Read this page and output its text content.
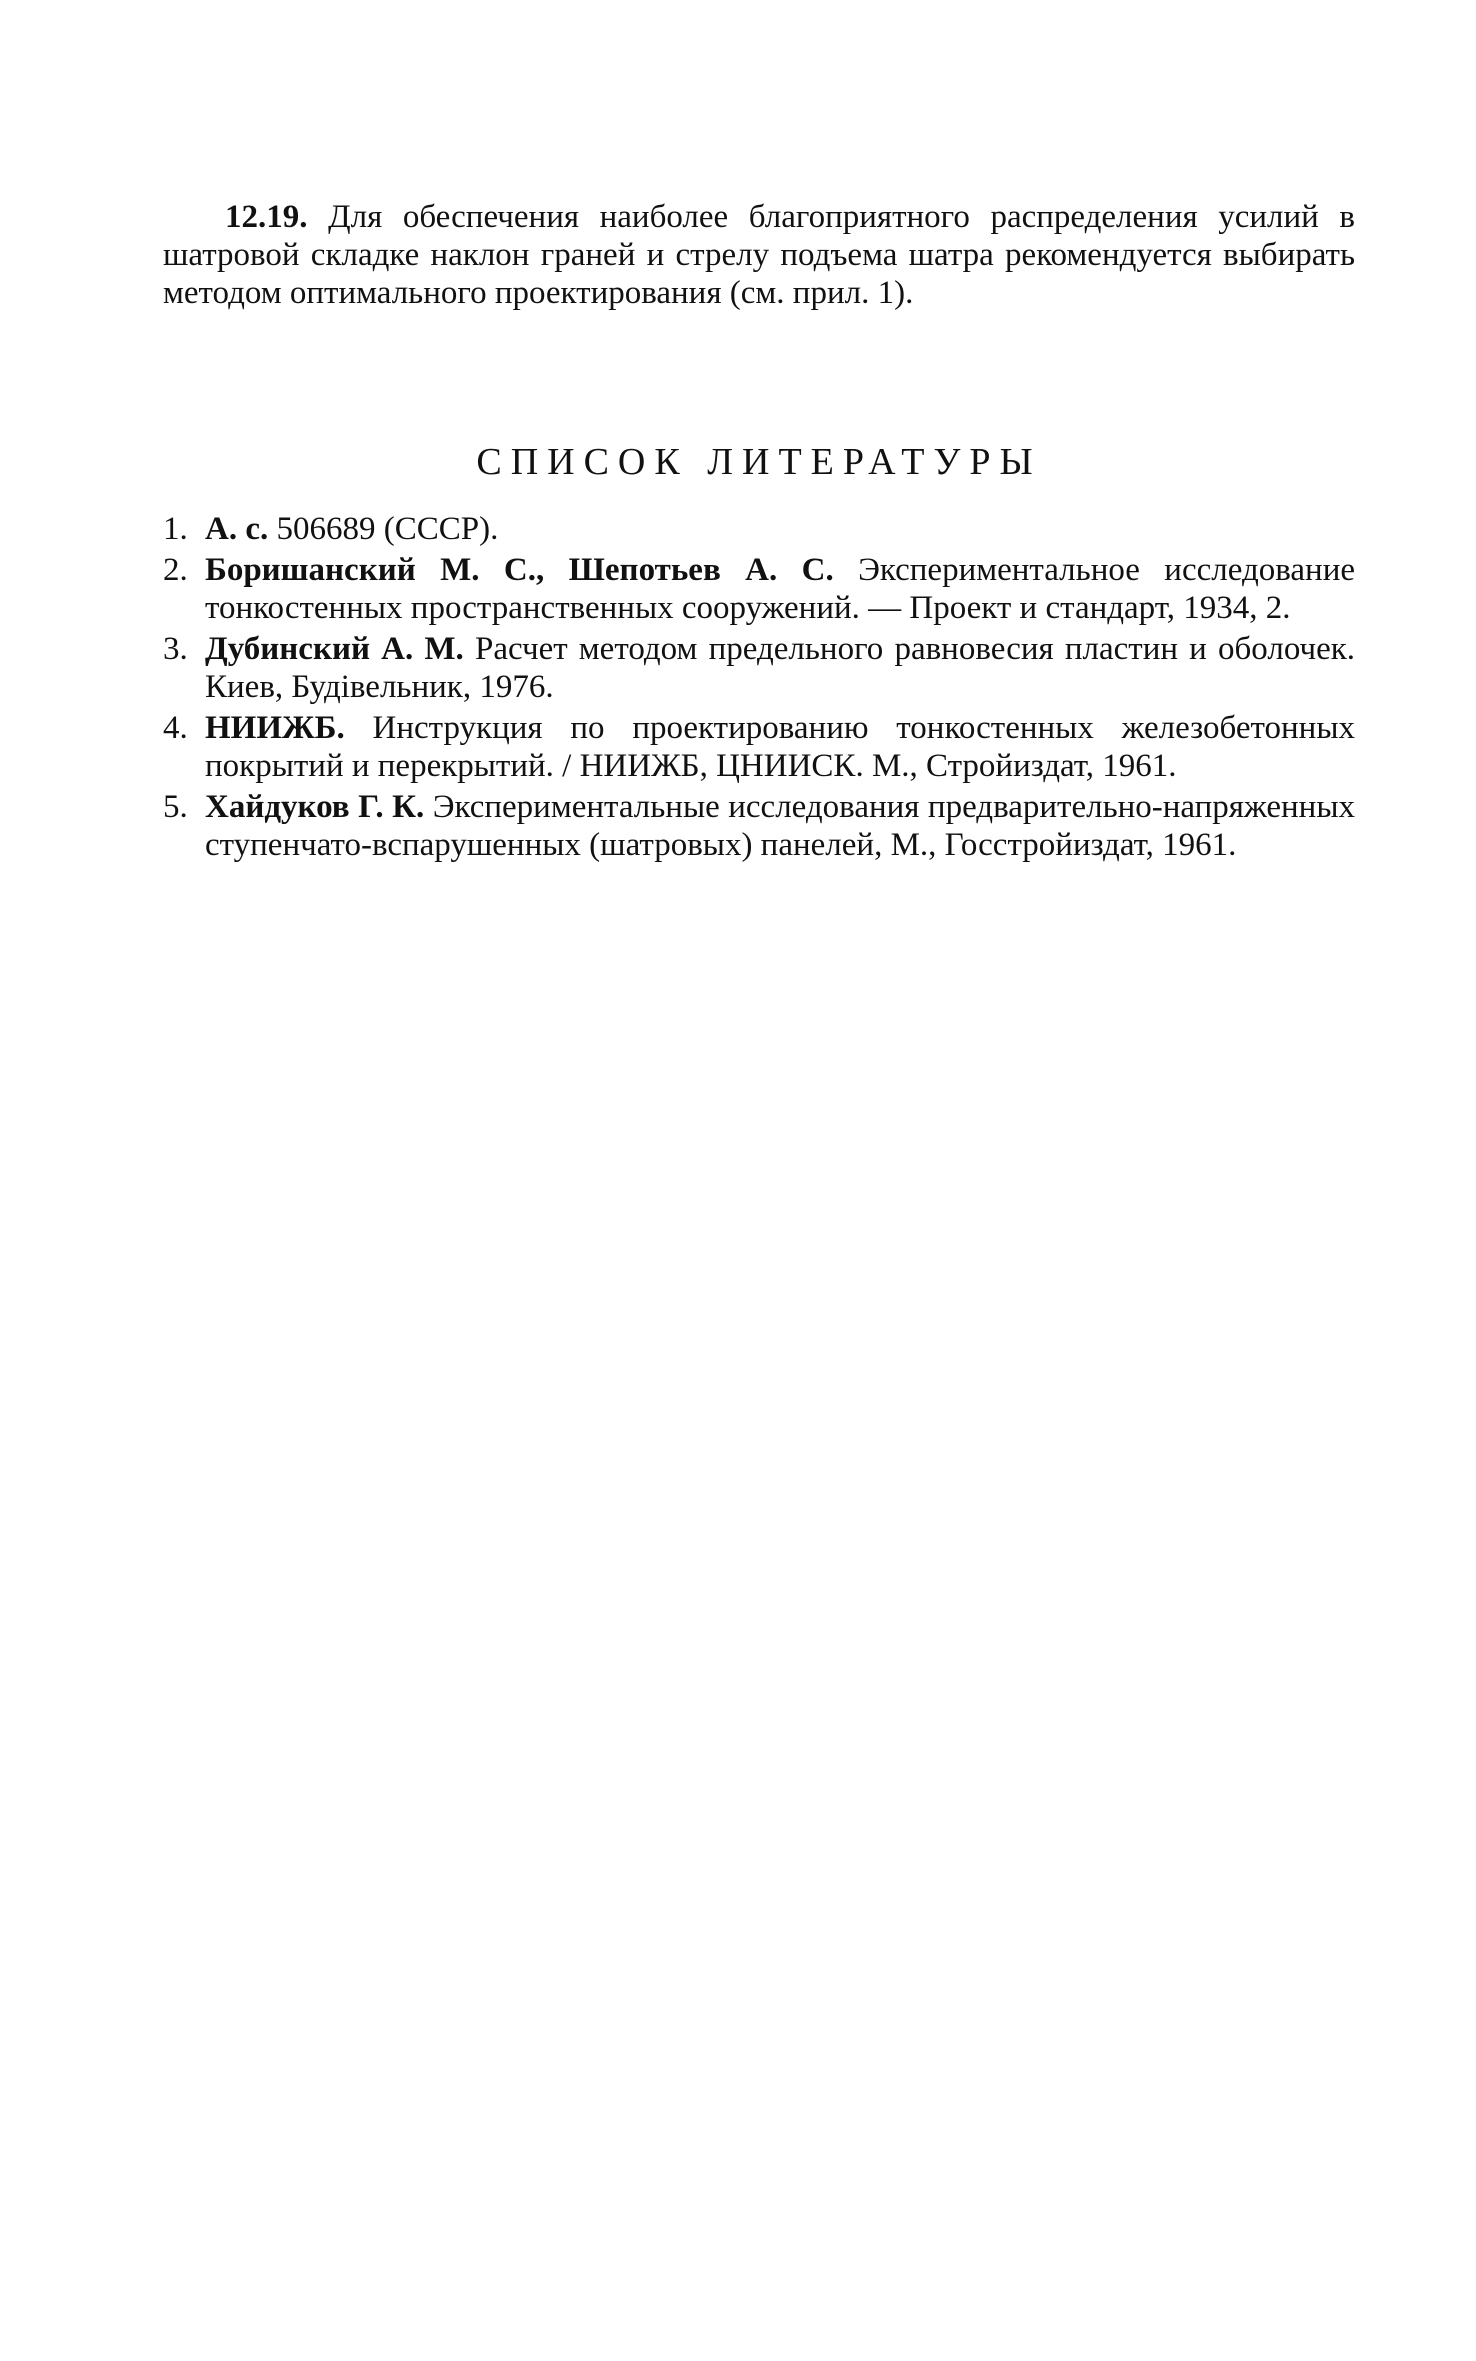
12.19. Для обеспечения наиболее благоприятного распределения усилий в шатровой складке наклон граней и стрелу подъема шатра рекомендуется выбирать методом оптимального проектирования (см. прил. 1).

СПИСОК ЛИТЕРАТУРЫ
1. А. с. 506689 (СССР).
2. Боришанский М. С., Шепотьев А. С. Экспериментальное исследование тонкостенных пространственных сооружений. — Проект и стандарт, 1934, 2.
3. Дубинский А. М. Расчет методом предельного равновесия пластин и оболочек. Киев, Будівельник, 1976.
4. НИИЖБ. Инструкция по проектированию тонкостенных железобетонных покрытий и перекрытий. / НИИЖБ, ЦНИИСК. М., Стройиздат, 1961.
5. Хайдуков Г. К. Экспериментальные исследования предварительно-напряженных ступенчато-вспарушенных (шатровых) панелей, М., Госстройиздат, 1961.
